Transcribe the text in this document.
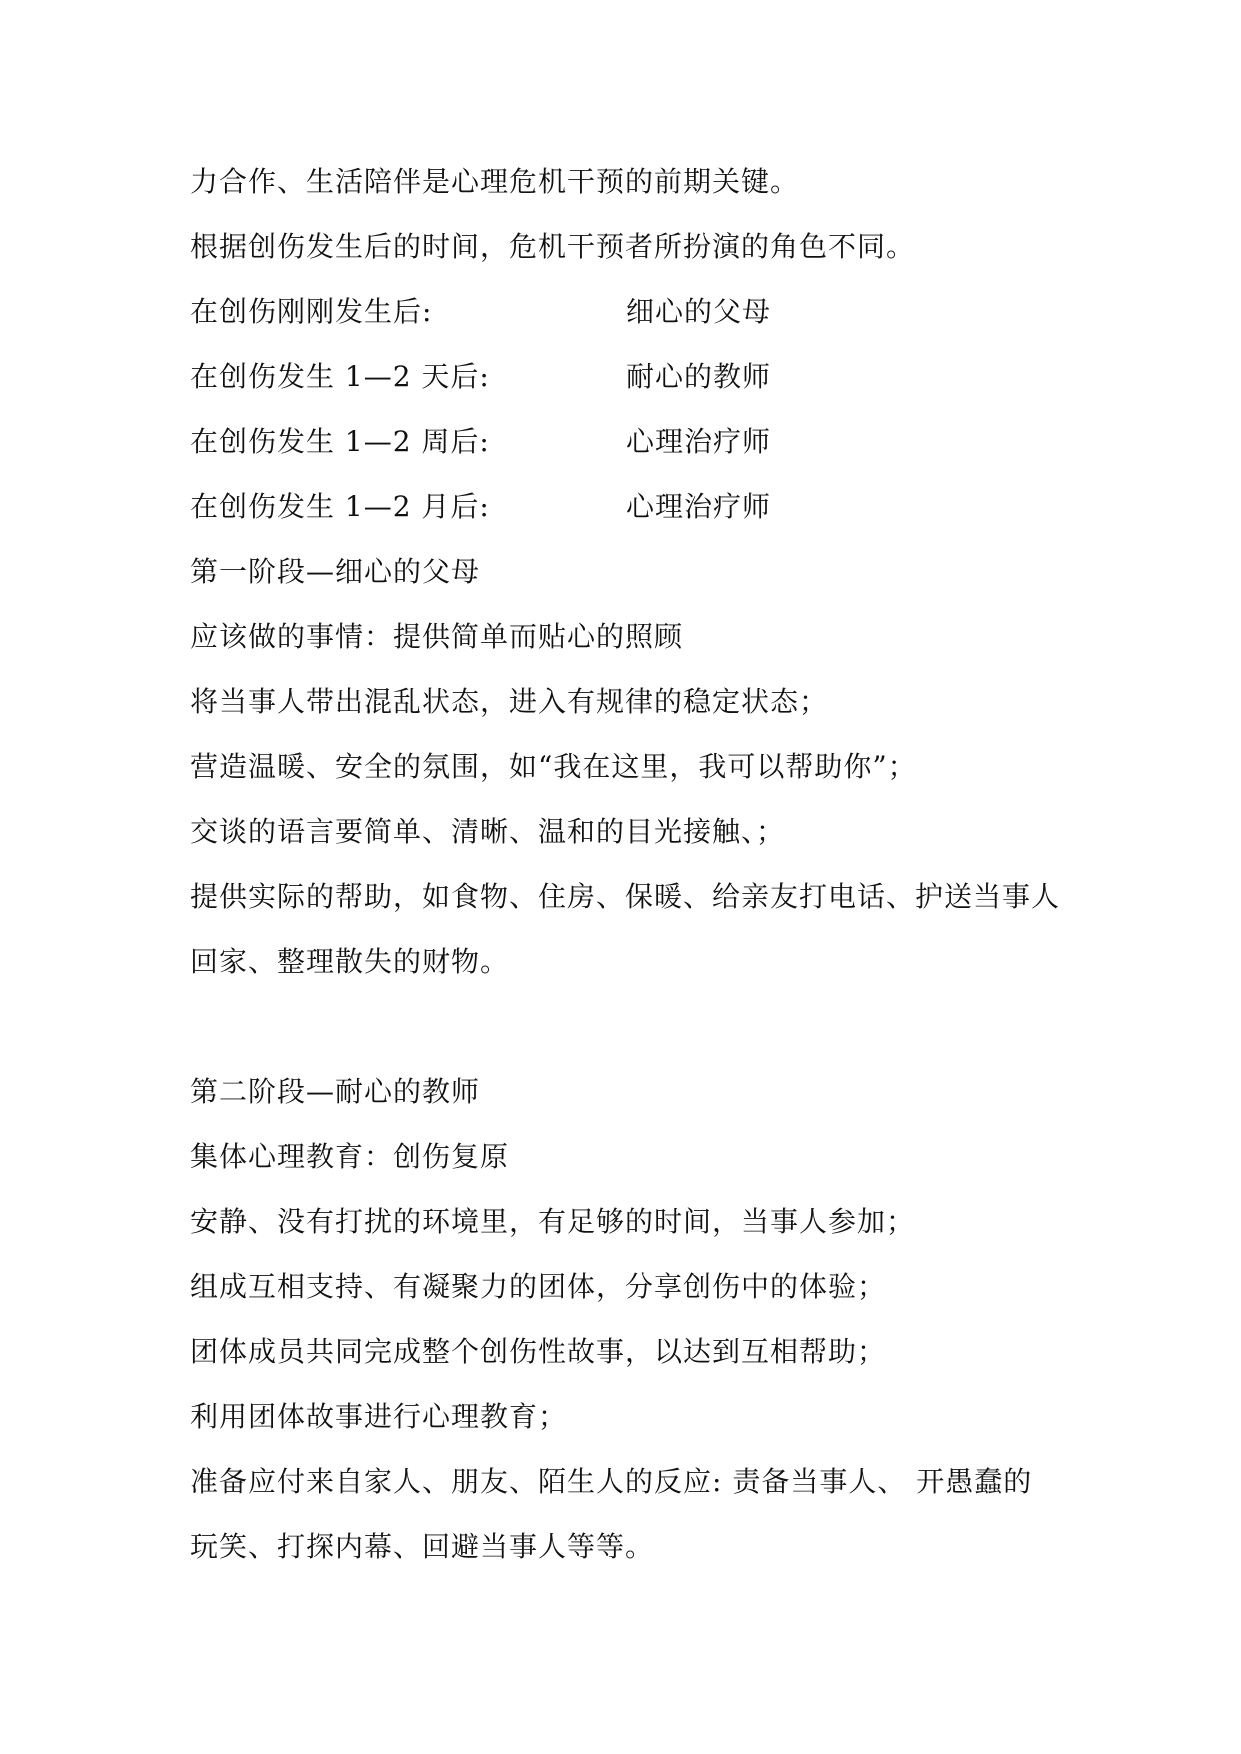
力合作、生活陪伴是心理危机干预的前期关键。
根据创伤发生后的时间，危机干预者所扮演的角色不同。
在创伤刚刚发生后:	细心的父母
在创伤发生 1—2 天后:	耐心的教师
在创伤发生 1—2 周后:	心理治疗师
在创伤发生 1—2 月后:	心理治疗师
第一阶段—细心的父母
应该做的事情：提供简单而贴心的照顾
将当事人带出混乱状态，进入有规律的稳定状态；
营造温暖、安全的氛围，如“我在这里，我可以帮助你”；
交谈的语言要简单、清晰、温和的目光接触、；
提供实际的帮助，如食物、住房、保暖、给亲友打电话、护送当事人
回家、整理散失的财物。
第二阶段—耐心的教师
集体心理教育：创伤复原
安静、没有打扰的环境里，有足够的时间，当事人参加；
组成互相支持、有凝聚力的团体，分享创伤中的体验；
团体成员共同完成整个创伤性故事，以达到互相帮助；
利用团体故事进行心理教育；
准备应付来自家人、朋友、陌生人的反应: 责备当事人、 开愚蠢的
玩笑、打探内幕、回避当事人等等。
